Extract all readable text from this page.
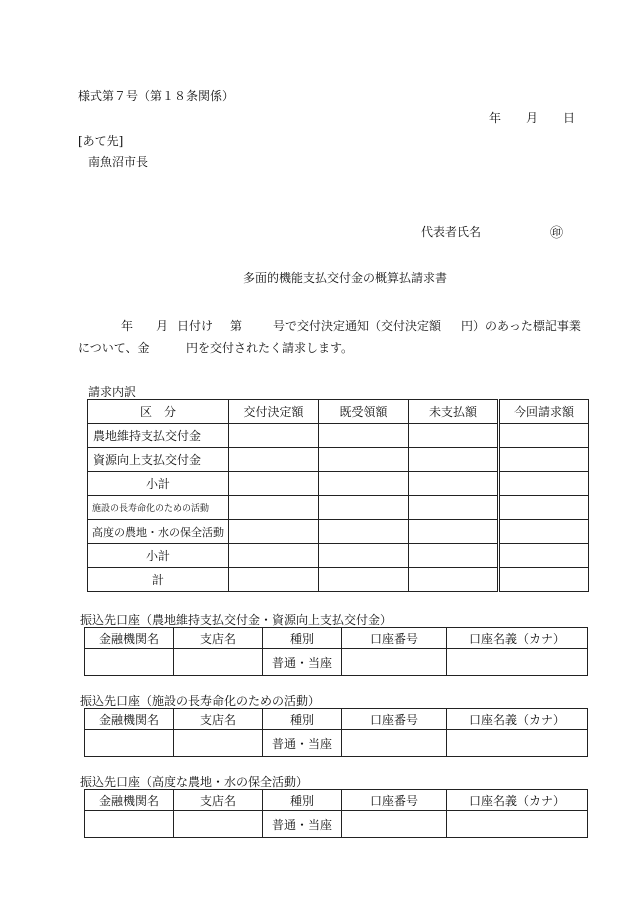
様式第７号（第１８条関係）
年 月 日
[あて先]
南魚沼市長
代表者氏名	㊞
多面的機能支払交付金の概算払請求書
年 月 日付け 第	号で交付決定通知（交付決定額 円）のあった標記事業
について、金	円を交付されたく請求します。
請求内訳
区　分	交付決定額	既受領額	未支払額	今回請求額
農地維持支払交付金				
資源向上支払交付金				
小計				
施設の長寿命化のための活動				
高度の農地・水の保全活動				
小計				
計				
振込先口座（農地維持支払交付金・資源向上支払交付金）
金融機関名	支店名	種別	口座番号	口座名義（カナ）
		普通・当座		
振込先口座（施設の長寿命化のための活動）
金融機関名	支店名	種別	口座番号	口座名義（カナ）
		普通・当座		
振込先口座（高度な農地・水の保全活動）
金融機関名	支店名	種別	口座番号	口座名義（カナ）
		普通・当座		
